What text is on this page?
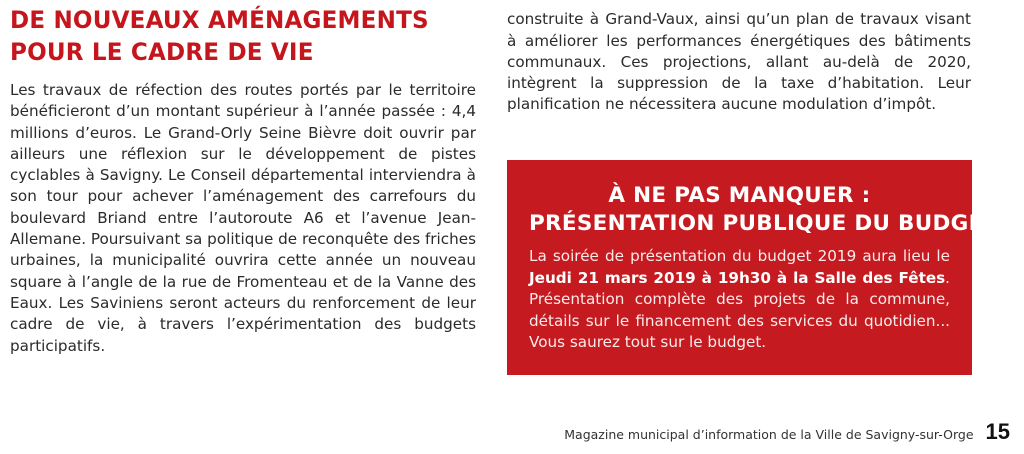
DE NOUVEAUX AMÉNAGEMENTS
POUR LE CADRE DE VIE

Les travaux de réfection des routes portés par le territoire bénéficieront d’un montant supérieur à l’année passée : 4,4 millions d’euros. Le Grand-Orly Seine Bièvre doit ouvrir par ailleurs une réflexion sur le développement de pistes cyclables à Savigny. Le Conseil départemental interviendra à son tour pour achever l’aménagement des carrefours du boulevard Briand entre l’autoroute A6 et l’avenue Jean-Allemane. Poursuivant sa politique de reconquête des friches urbaines, la municipalité ouvrira cette année un nouveau square à l’angle de la rue de Fromenteau et de la Vanne des Eaux. Les Saviniens seront acteurs du renforcement de leur cadre de vie, à travers l’expérimentation des budgets participatifs.

construite à Grand-Vaux, ainsi qu’un plan de travaux visant à améliorer les performances énergétiques des bâtiments communaux. Ces projections, allant au-delà de 2020, intègrent la suppression de la taxe d’habitation. Leur planification ne nécessitera aucune modulation d’impôt.

À NE PAS MANQUER :
PRÉSENTATION PUBLIQUE DU BUDGET

La soirée de présentation du budget 2019 aura lieu le Jeudi 21 mars 2019 à 19h30 à la Salle des Fêtes. Présentation complète des projets de la commune, détails sur le financement des services du quotidien... Vous saurez tout sur le budget.

Magazine municipal d’information de la Ville de Savigny-sur-Orge 15
